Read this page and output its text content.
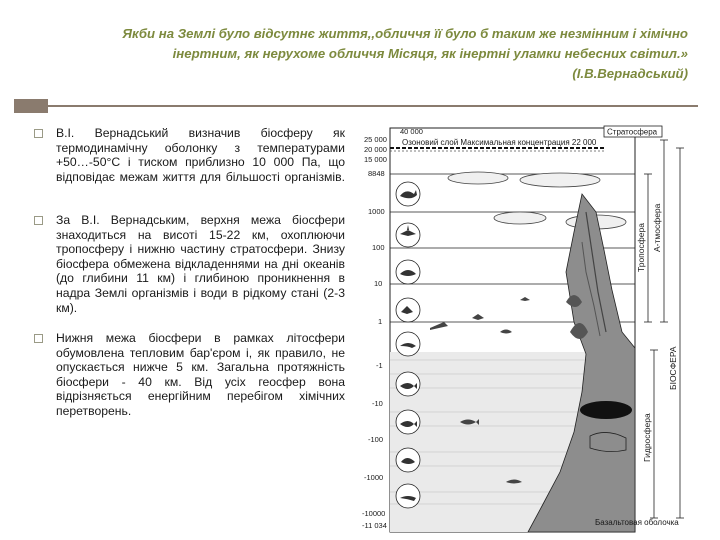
Якби на Землі було відсутнє життя,,обличчя її було б таким же незмінним і хімічно
інертним, як нерухоме обличчя Місяця, як інертні уламки небесних світил.»
(І.В.Вернадський)
В.І. Вернадський визначив біосферу як термодинамічну оболонку з температурами +50…-50°С і тиском приблизно 10 000 Па, що відповідає межам життя для більшості організмів.
За В.І. Вернадським, верхня межа біосфери знаходиться на висоті 15-22 км, охоплюючи тропосферу і нижню частину стратосфери. Знизу біосфера обмежена відкладеннями на дні океанів (до глибини 11 км) і глибиною проникнення в надра Землі організмів і води в рідкому стані (2-3 км).
Нижня межа біосфери в рамках літосфери обумовлена тепловим бар'єром і, як правило, не опускається нижче 5 км. Загальна протяжність біосфери - 40 км. Від усіх геосфер вона відрізняється енергійним перебігом хімічних перетворень.
Озоновий слой Максимальная концентрация 22 000
40 000
25 000
20 000
15 000
8848
1000
100
10
1
-1
-10
-100
-1000
-10000
-11 034
Стратосфера
Базальтовая оболочка
Тропосфера А-тмосфера
БІОСФЕРА
Гидросфера
